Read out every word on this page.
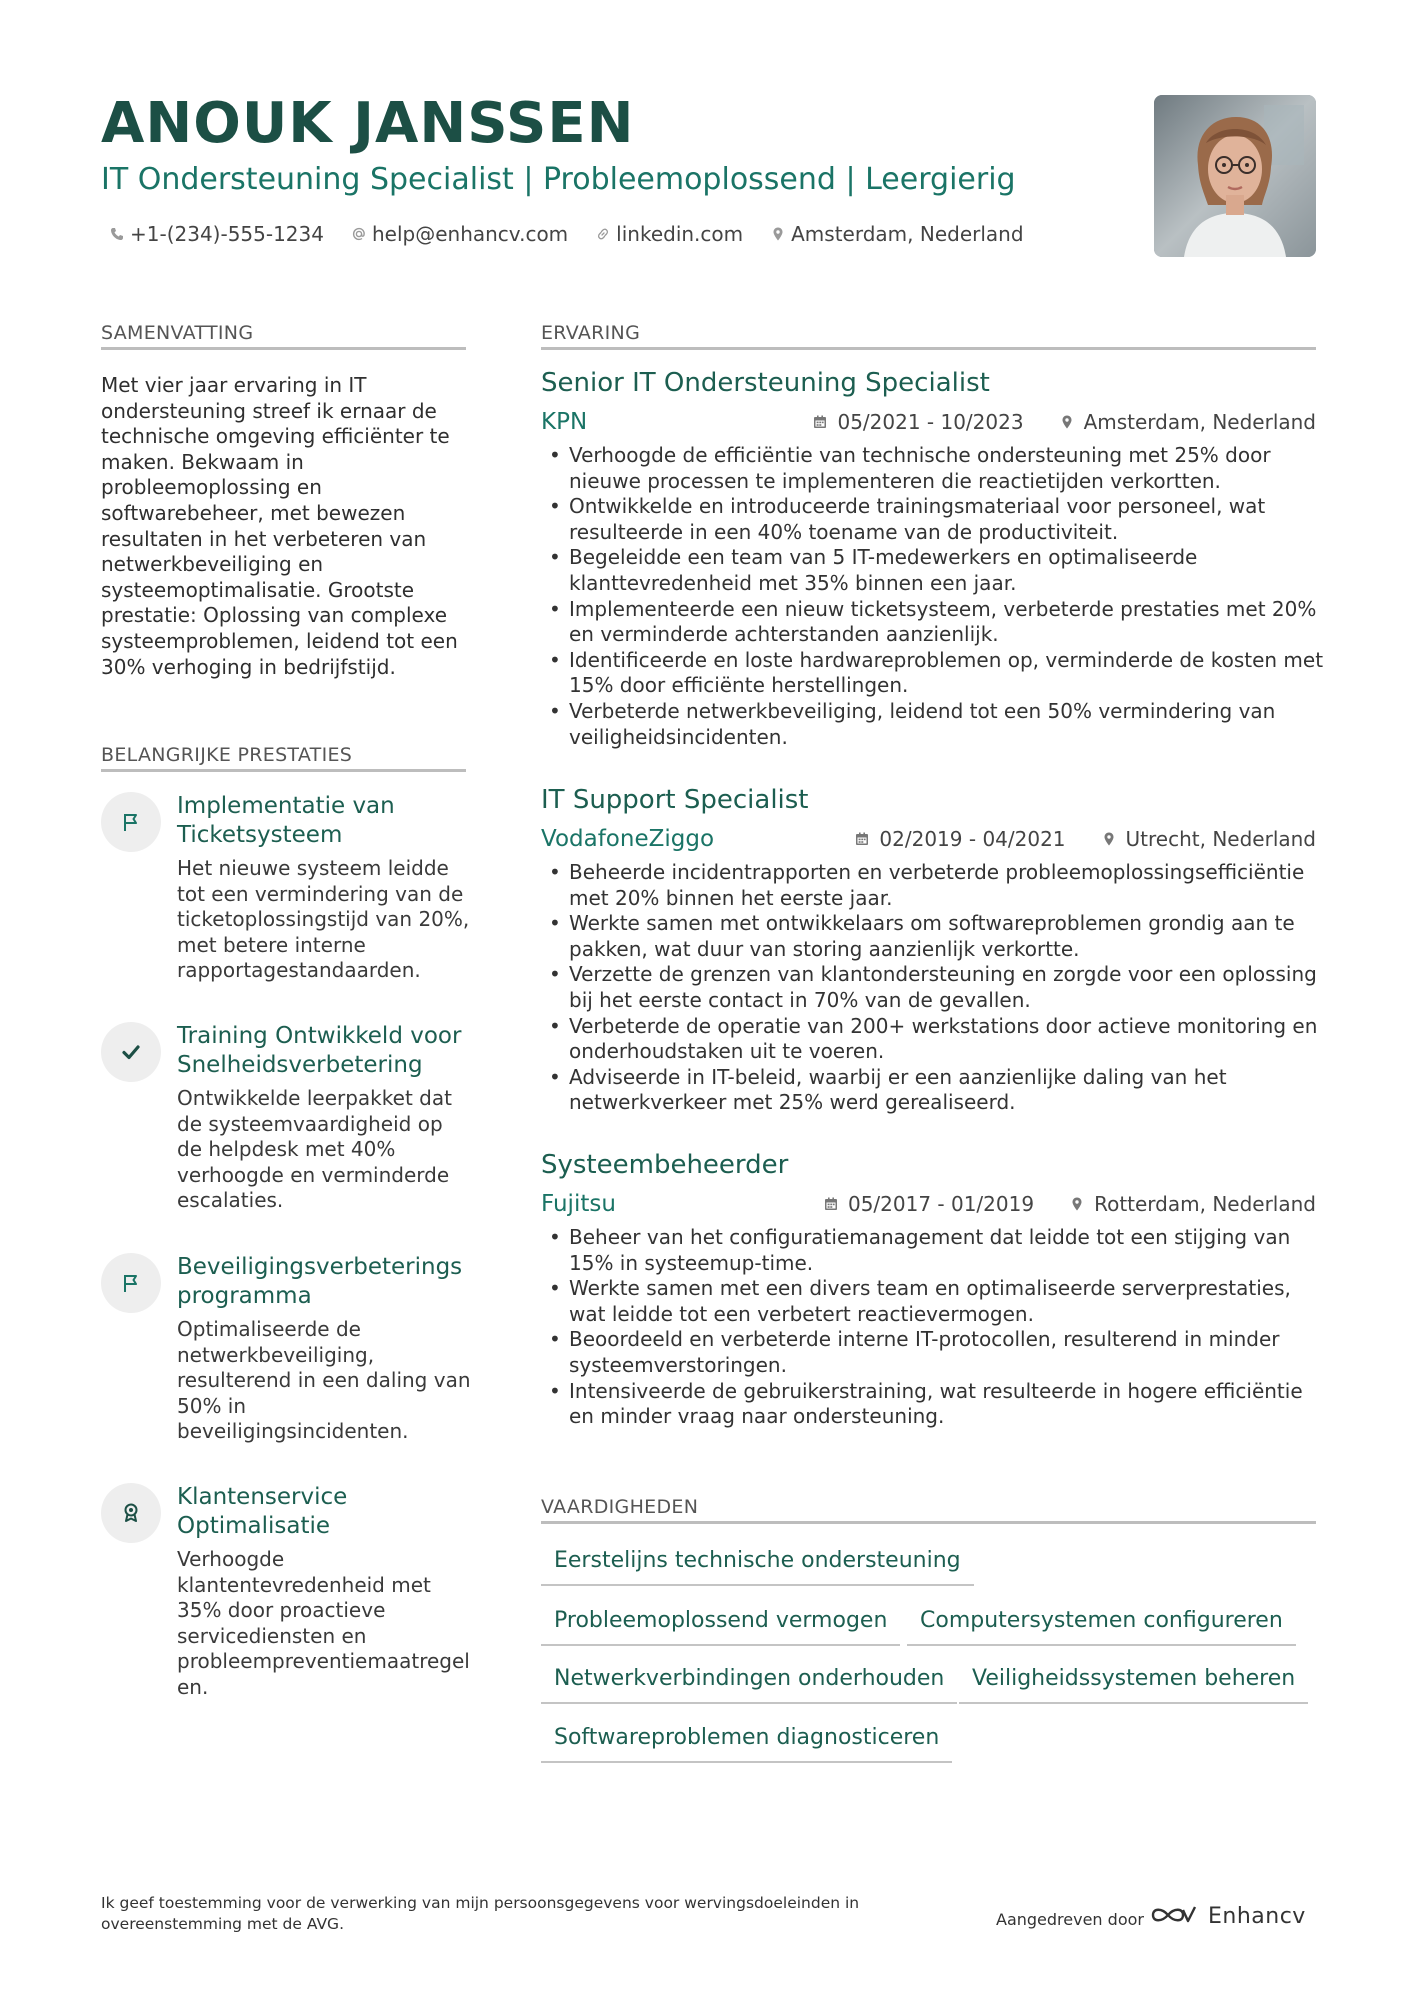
ANOUK JANSSEN
IT Ondersteuning Specialist | Probleemoplossend | Leergierig
+1-(234)-555-1234 help@enhancv.com linkedin.com Amsterdam, Nederland
SAMENVATTING
Met vier jaar ervaring in IT
ondersteuning streef ik ernaar de
technische omgeving efficiënter te
maken. Bekwaam in
probleemoplossing en
softwarebeheer, met bewezen
resultaten in het verbeteren van
netwerkbeveiliging en
systeemoptimalisatie. Grootste
prestatie: Oplossing van complexe
systeemproblemen, leidend tot een
30% verhoging in bedrijfstijd.
BELANGRIJKE PRESTATIES
Implementatie van
Ticketsysteem
Het nieuwe systeem leidde
tot een vermindering van de
ticketoplossingstijd van 20%,
met betere interne
rapportagestandaarden.
Training Ontwikkeld voor
Snelheidsverbetering
Ontwikkelde leerpakket dat
de systeemvaardigheid op
de helpdesk met 40%
verhoogde en verminderde
escalaties.
Beveiligingsverbeterings
programma
Optimaliseerde de
netwerkbeveiliging,
resulterend in een daling van
50% in
beveiligingsincidenten.
Klantenservice
Optimalisatie
Verhoogde
klantentevredenheid met
35% door proactieve
servicediensten en
probleempreventiemaatregel
en.
ERVARING
Senior IT Ondersteuning Specialist
KPN	05/2021 - 10/2023	Amsterdam, Nederland
• Verhoogde de efficiëntie van technische ondersteuning met 25% door
nieuwe processen te implementeren die reactietijden verkortten.
• Ontwikkelde en introduceerde trainingsmateriaal voor personeel, wat
resulteerde in een 40% toename van de productiviteit.
• Begeleidde een team van 5 IT-medewerkers en optimaliseerde
klanttevredenheid met 35% binnen een jaar.
• Implementeerde een nieuw ticketsysteem, verbeterde prestaties met 20%
en verminderde achterstanden aanzienlijk.
• Identificeerde en loste hardwareproblemen op, verminderde de kosten met
15% door efficiënte herstellingen.
• Verbeterde netwerkbeveiliging, leidend tot een 50% vermindering van
veiligheidsincidenten.
IT Support Specialist
VodafoneZiggo	02/2019 - 04/2021	Utrecht, Nederland
• Beheerde incidentrapporten en verbeterde probleemoplossingsefficiëntie
met 20% binnen het eerste jaar.
• Werkte samen met ontwikkelaars om softwareproblemen grondig aan te
pakken, wat duur van storing aanzienlijk verkortte.
• Verzette de grenzen van klantondersteuning en zorgde voor een oplossing
bij het eerste contact in 70% van de gevallen.
• Verbeterde de operatie van 200+ werkstations door actieve monitoring en
onderhoudstaken uit te voeren.
• Adviseerde in IT-beleid, waarbij er een aanzienlijke daling van het
netwerkverkeer met 25% werd gerealiseerd.
Systeembeheerder
Fujitsu	05/2017 - 01/2019	Rotterdam, Nederland
• Beheer van het configuratiemanagement dat leidde tot een stijging van
15% in systeemup-time.
• Werkte samen met een divers team en optimaliseerde serverprestaties,
wat leidde tot een verbetert reactievermogen.
• Beoordeeld en verbeterde interne IT-protocollen, resulterend in minder
systeemverstoringen.
• Intensiveerde de gebruikerstraining, wat resulteerde in hogere efficiëntie
en minder vraag naar ondersteuning.
VAARDIGHEDEN
Eerstelijns technische ondersteuning
Probleemoplossend vermogen	Computersystemen configureren
Netwerkverbindingen onderhouden	Veiligheidssystemen beheren
Softwareproblemen diagnosticeren
Ik geef toestemming voor de verwerking van mijn persoonsgegevens voor wervingsdoeleinden in
overeenstemming met de AVG.	Aangedreven door	Enhancv
